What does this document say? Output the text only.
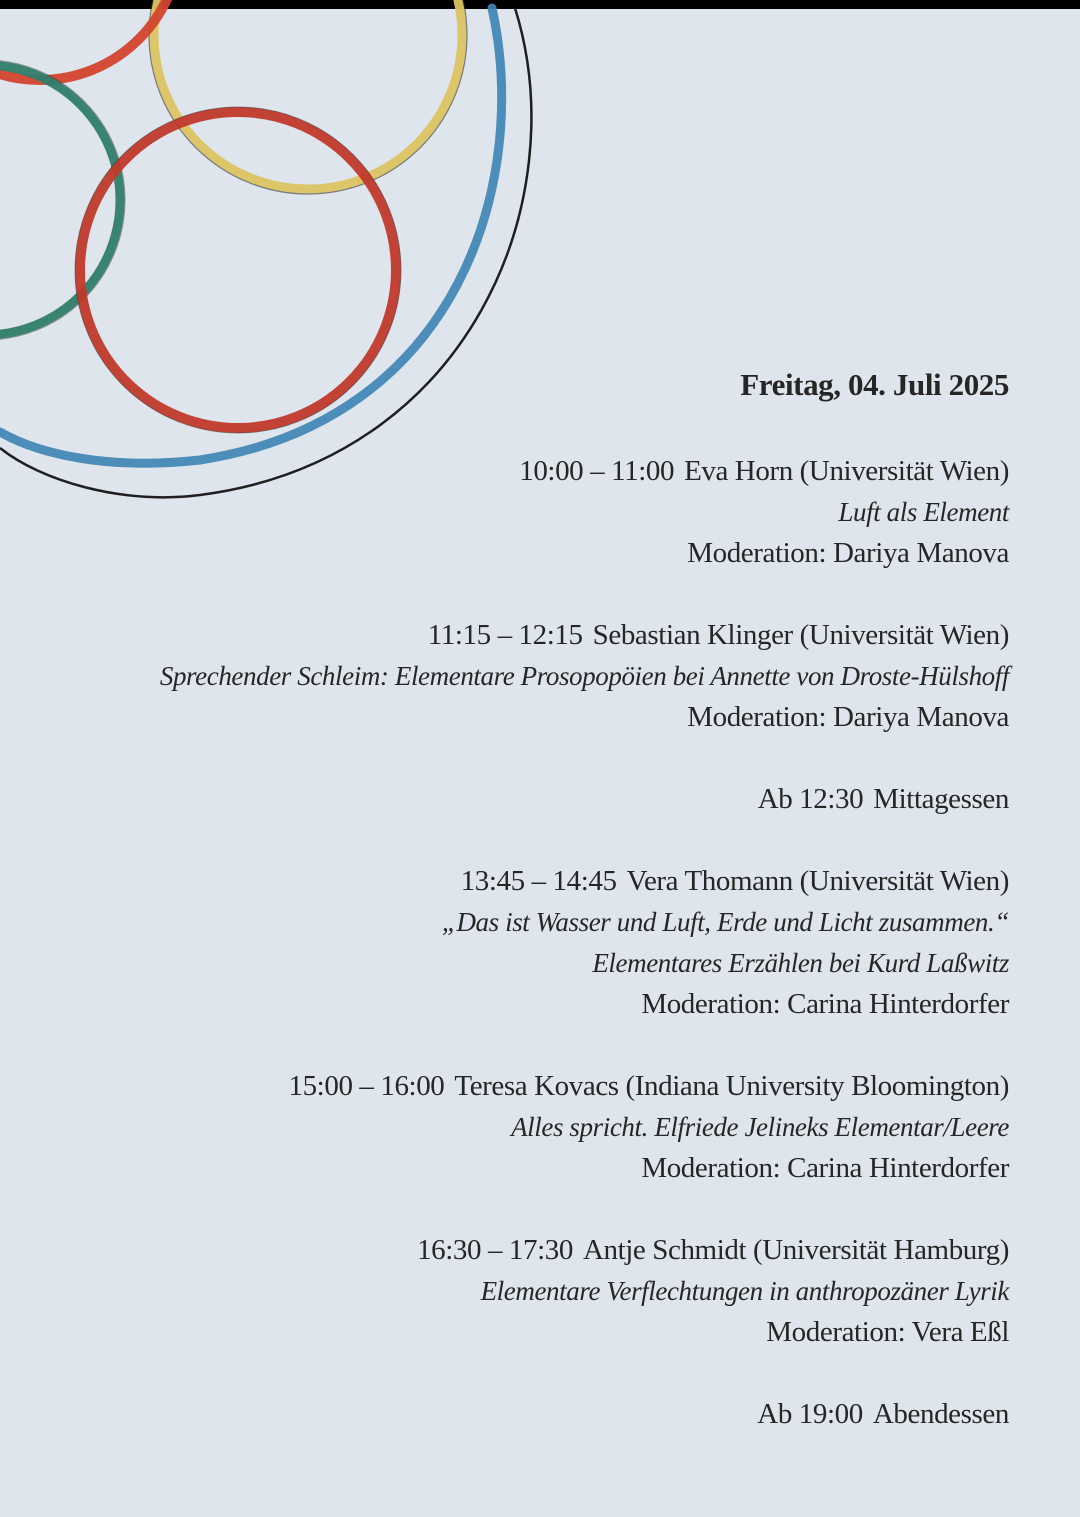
Freitag, 04. Juli 2025
10:00 – 11:00 Eva Horn (Universität Wien)
Luft als Element
Moderation: Dariya Manova
11:15 – 12:15 Sebastian Klinger (Universität Wien)
Sprechender Schleim: Elementare Prosopopöien bei Annette von Droste-Hülshoff
Moderation: Dariya Manova
Ab 12:30 Mittagessen
13:45 – 14:45 Vera Thomann (Universität Wien)
„Das ist Wasser und Luft, Erde und Licht zusammen.“
Elementares Erzählen bei Kurd Laßwitz
Moderation: Carina Hinterdorfer
15:00 – 16:00 Teresa Kovacs (Indiana University Bloomington)
Alles spricht. Elfriede Jelineks Elementar/Leere
Moderation: Carina Hinterdorfer
16:30 – 17:30 Antje Schmidt (Universität Hamburg)
Elementare Verflechtungen in anthropozäner Lyrik
Moderation: Vera Eßl
Ab 19:00 Abendessen
